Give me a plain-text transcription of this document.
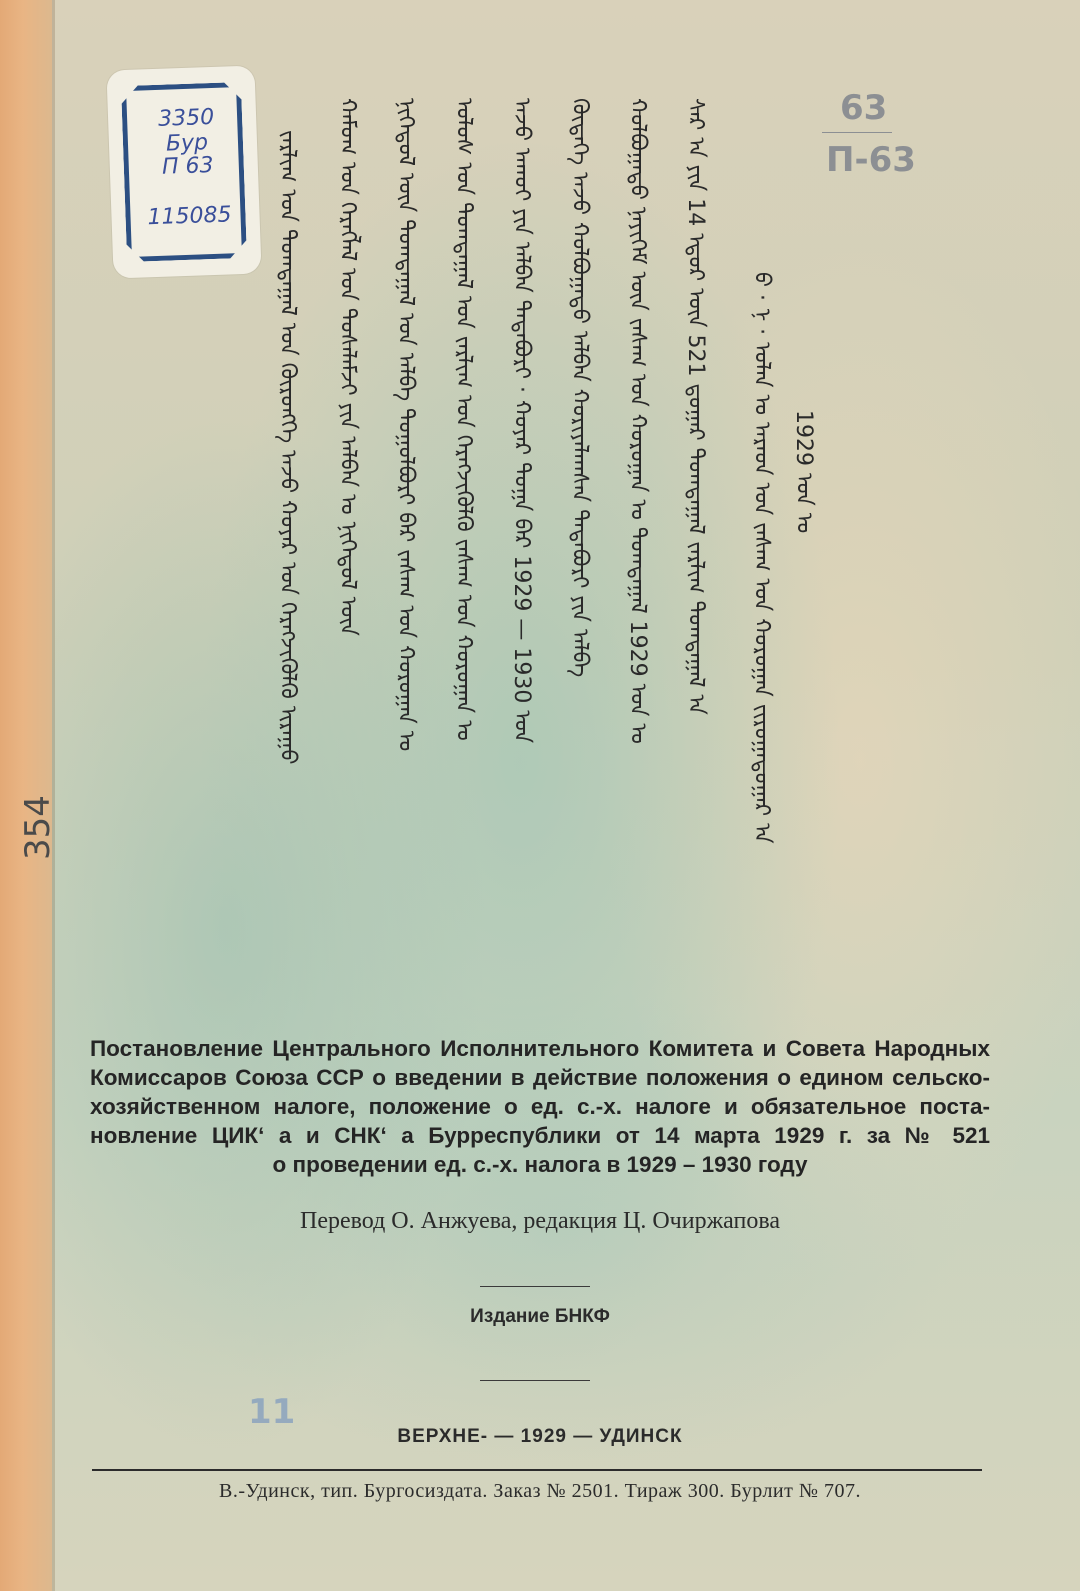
3350 Бур
П 63
115085
63
П-63
354
1929 ᠣᠨ ᠤ
ᠪ · ᠨ · ᠣᠯᠠᠨ ᠤ ᠠᠷᠠᠳ ᠤᠨ ᠵᠠᠰᠠᠭ ᠤᠨ ᠬᠣᠷᠣᠭᠠᠨ ᠵᠢᠷᠤᠭᠠᠳᠤᠭᠠᠷ ᠠ
ᠰᠠᠷ ᠠ ᠶᠢᠨ 14 ᠡᠳᠦᠷ ᠦᠨ 521 ᠳ᠋ᠤᠭᠠᠷ ᠲᠣᠭᠲᠠᠭᠠᠯ ᠵᠠᠷᠯᠢᠭ ᠲᠣᠭᠲᠠᠭᠠᠯ ᠠ
ᠬᠣᠯᠪᠣᠭᠠᠲᠤ ᠨᠡᠶᠢᠭᠡᠮ ᠦᠨ ᠵᠠᠰᠠᠭ ᠤᠨ ᠬᠣᠷᠣᠭᠠᠨ ᠤ ᠲᠣᠭᠲᠠᠭᠠᠯ 1929 ᠣᠨ ᠤ
ᠬᠥᠳᠡᠭᠡ ᠠᠵᠤ ᠬᠣᠯᠪᠣᠭᠠᠲᠤ ᠠᠯᠪᠠᠨ ᠬᠣᠷᠢᠶᠠᠯᠠᠭᠰᠠᠨ ᠲᠠᠲᠠᠪᠤᠷᠢ ᠶᠢᠨ ᠠᠯᠪᠠ
ᠠᠵᠤ ᠠᠬᠤᠢ ᠶᠢᠨ ᠠᠯᠪᠠᠨ ᠲᠠᠲᠠᠪᠤᠷᠢ · ᠬᠣᠶᠠᠷ ᠲᠣᠭᠠ ᠪᠠᠷ 1929 — 1930 ᠣᠨ
ᠤᠯᠤᠰ ᠤᠨ ᠲᠣᠭᠲᠠᠭᠠᠯ ᠤᠨ ᠵᠠᠷᠯᠢᠭ ᠤᠨ ᠬᠡᠷᠡᠭᠵᠢᠭᠦᠯᠬᠦ ᠵᠠᠰᠠᠭ ᠤᠨ ᠬᠣᠷᠣᠭᠠᠨ ᠤ
ᠨᠢᠭᠡᠳᠦᠯ ᠦᠨ ᠲᠣᠭᠲᠠᠭᠠᠯ ᠤᠨ ᠠᠯᠪᠠ ᠲᠣᠭᠤᠯᠪᠤᠷᠢ ᠪᠠᠷ ᠵᠠᠰᠠᠭ ᠤᠨ ᠬᠣᠷᠣᠭᠠᠨ ᠤ
ᠬᠠᠮᠤᠭ ᠤᠨ ᠬᠡᠷᠡᠭᠯᠡᠯ ᠤᠨ ᠲᠤᠰᠠᠯᠠᠮᠵᠢ ᠶᠢᠨ ᠠᠯᠪᠠᠨ ᠤ ᠨᠢᠭᠡᠳᠦᠯ ᠦᠨ
ᠵᠠᠷᠯᠢᠭ ᠤᠨ ᠲᠣᠭᠲᠠᠭᠠᠯ ᠤᠨ ᠬᠥᠷᠥᠩᠭᠡ ᠠᠵᠤ ᠬᠣᠶᠠᠷ ᠤᠨ ᠬᠡᠷᠡᠭᠵᠢᠭᠦᠯᠬᠦ ᠢᠷᠠᠭᠤ
Постановление Центрального Исполнительного Комитета и Совета Народных
Комиссаров Союза ССР о введении в действие положения о едином сельско-
хозяйственном налоге, положение о ед. с.-х. налоге и обязательное поста-
новление ЦИК‘ а и СНК‘ а Бурреспублики от 14 марта 1929 г. за № 521
о проведении ед. с.-х. налога в 1929 – 1930 году
Перевод О. Анжуева, редакция Ц. Очиржапова
Издание БНКФ
11
ВЕРХНЕ- — 1929 — УДИНСК
В.-Удинск, тип. Бургосиздата. Заказ № 2501. Тираж 300. Бурлит № 707.
